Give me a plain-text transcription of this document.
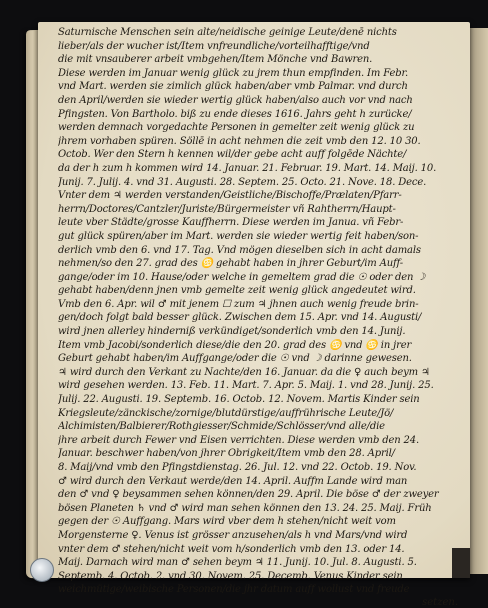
Saturnische Menschen sein alte/neidische geinige Leute/denē nichts
lieber/als der wucher ist/Item vnfreundliche/vorteilhafftige/vnd
die mit vnsauberer arbeit vmbgehen/Item Mönche vnd Bawren.
Diese werden im Januar wenig glück zu jrem thun empfinden. Im Febr.
vnd Mart. werden sie zimlich glück haben/aber vmb Palmar. vnd durch
den April/werden sie wieder wertig glück haben/also auch vor vnd nach
Pfingsten. Von Bartholo. biß zu ende dieses 1616. Jahrs geht h zurücke/
werden demnach vorgedachte Personen in gemelter zeit wenig glück zu
jhrem vorhaben spüren. Söllē in acht nehmen die zeit vmb den 12. 10 30.
Octob. Wer den Stern h kennen wil/der gebe acht auff folgēde Nächte/
da der h zum h kommen wird 14. Januar. 21. Februar. 19. Mart. 14. Maij. 10.
Junij. 7. Julij. 4. vnd 31. Augusti. 28. Septem. 25. Octo. 21. Nove. 18. Dece.
Vnter dem ♃ werden verstanden/Geistliche/Bischoffe/Prælaten/Pfarr-
herrn/Doctores/Cantzler/Juriste/Bürgermeister vñ Rahtherrn/Haupt-
leute vber Städte/grosse Kauffherrn. Diese werden im Janua. vñ Febr-
gut glück spüren/aber im Mart. werden sie wieder wertig feit haben/son-
derlich vmb den 6. vnd 17. Tag. Vnd mögen dieselben sich in acht damals
nehmen/so den 27. grad des ♋ gehabt haben in jhrer Geburt/im Auff-
gange/oder im 10. Hause/oder welche in gemeltem grad die ☉ oder den ☽
gehabt haben/denn jnen vmb gemelte zeit wenig glück angedeutet wird.
Vmb den 6. Apr. wil ♂ mit jenem ☐ zum ♃ jhnen auch wenig freude brin-
gen/doch folgt bald besser glück. Zwischen dem 15. Apr. vnd 14. Augusti/
wird jnen allerley hinderniß verkündiget/sonderlich vmb den 14. Junij.
Item vmb Jacobi/sonderlich diese/die den 20. grad des ♋ vnd ♋ in jrer
Geburt gehabt haben/im Auffgange/oder die ☉ vnd ☽ darinne gewesen.
♃ wird durch den Verkant zu Nachte/den 16. Januar. da die ♀ auch beym ♃
wird gesehen werden. 13. Feb. 11. Mart. 7. Apr. 5. Maij. 1. vnd 28. Junij. 25.
Julij. 22. Augusti. 19. Septemb. 16. Octob. 12. Novem. Martis Kinder sein
Kriegsleute/zänckische/zornige/blutdürstige/auffrührische Leute/Jö/
Alchimisten/Balbierer/Rothgiesser/Schmide/Schlösser/vnd alle/die
jhre arbeit durch Fewer vnd Eisen verrichten. Diese werden vmb den 24.
Januar. beschwer haben/von jhrer Obrigkeit/Item vmb den 28. April/
8. Maij/vnd vmb den Pfingstdienstag. 26. Jul. 12. vnd 22. Octob. 19. Nov.
♂ wird durch den Verkaut werde/den 14. April. Auffm Lande wird man
den ♂ vnd ♀ beysammen sehen können/den 29. April. Die böse ♂ der zweyer
bösen Planeten ♄ vnd ♂ wird man sehen können den 13. 24. 25. Maij. Früh
gegen der ☉ Auffgang. Mars wird vber dem h stehen/nicht weit vom
Morgensterne ♀. Venus ist grösser anzusehen/als h vnd Mars/vnd wird
vnter dem ♂ stehen/nicht weit vom h/sonderlich vmb den 13. oder 14.
Maij. Darnach wird man ♂ sehen beym ♃ 11. Junij. 10. Jul. 8. Augusti. 5.
Septemb. 4. Octob. 2. vnd 30. Novem. 25. Decemb. Venus Kinder sein
weichmütige/weibische Personen/die jhr datum auff wollust vnd freude
setzen.
